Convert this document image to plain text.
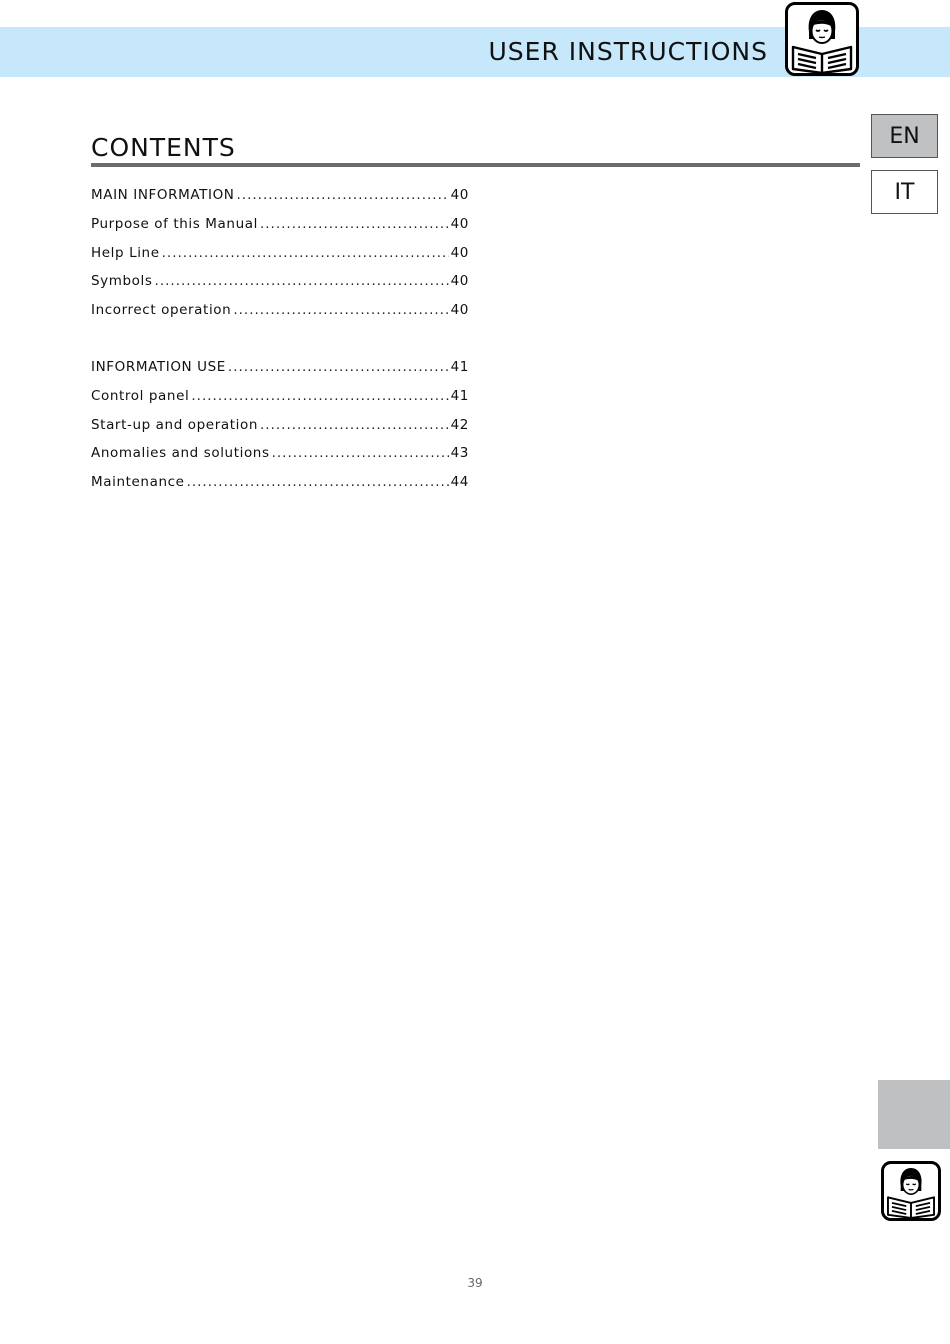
USER INSTRUCTIONS
EN
IT
CONTENTS
MAIN INFORMATION .....	40
Purpose of this Manual .....	40
Help Line .....	40
Symbols .....	40
Incorrect operation .....	40
INFORMATION USE .....	41
Control panel .....	41
Start-up and operation .....	42
Anomalies and solutions .....	43
Maintenance .....	44
39
